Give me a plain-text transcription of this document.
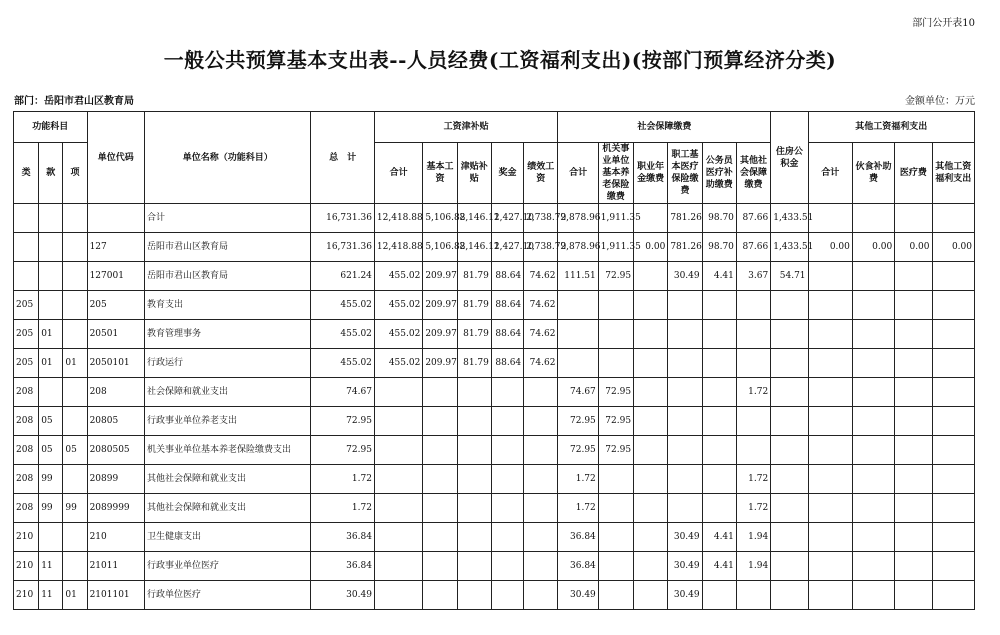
部门公开表10
一般公共预算基本支出表--人员经费(工资福利支出)(按部门预算经济分类)
部门：岳阳市君山区教育局	金额单位：万元
功能科目			单位代码	单位名称（功能科目）	总　计	工资津补贴					社会保障缴费						住房公积金	其他工资福利支出			
类	款	项				合计	基本工资	津贴补贴	奖金	绩效工资	合计	机关事业单位基本养老保险缴费	职业年金缴费	职工基本医疗保险缴费	公务员医疗补助缴费	其他社会保障缴费		合计	伙食补助费	医疗费	其他工资福利支出
				合计	16,731.36	12,418.88	5,106.88	2,146.11	2,427.10	2,738.79	2,878.96	1,911.35		781.26	98.70	87.66	1,433.51				
			127	岳阳市君山区教育局	16,731.36	12,418.88	5,106.88	2,146.11	2,427.10	2,738.79	2,878.96	1,911.35	0.00	781.26	98.70	87.66	1,433.51	0.00	0.00	0.00	0.00
			127001	岳阳市君山区教育局	621.24	455.02	209.97	81.79	88.64	74.62	111.51	72.95		30.49	4.41	3.67	54.71				
205			205	教育支出	455.02	455.02	209.97	81.79	88.64	74.62											
205	01		20501	教育管理事务	455.02	455.02	209.97	81.79	88.64	74.62											
205	01	01	2050101	行政运行	455.02	455.02	209.97	81.79	88.64	74.62											
208			208	社会保障和就业支出	74.67						74.67	72.95				1.72					
208	05		20805	行政事业单位养老支出	72.95						72.95	72.95									
208	05	05	2080505	机关事业单位基本养老保险缴费支出	72.95						72.95	72.95									
208	99		20899	其他社会保障和就业支出	1.72						1.72					1.72					
208	99	99	2089999	其他社会保障和就业支出	1.72						1.72					1.72					
210			210	卫生健康支出	36.84						36.84			30.49	4.41	1.94					
210	11		21011	行政事业单位医疗	36.84						36.84			30.49	4.41	1.94					
210	11	01	2101101	行政单位医疗	30.49						30.49			30.49							
